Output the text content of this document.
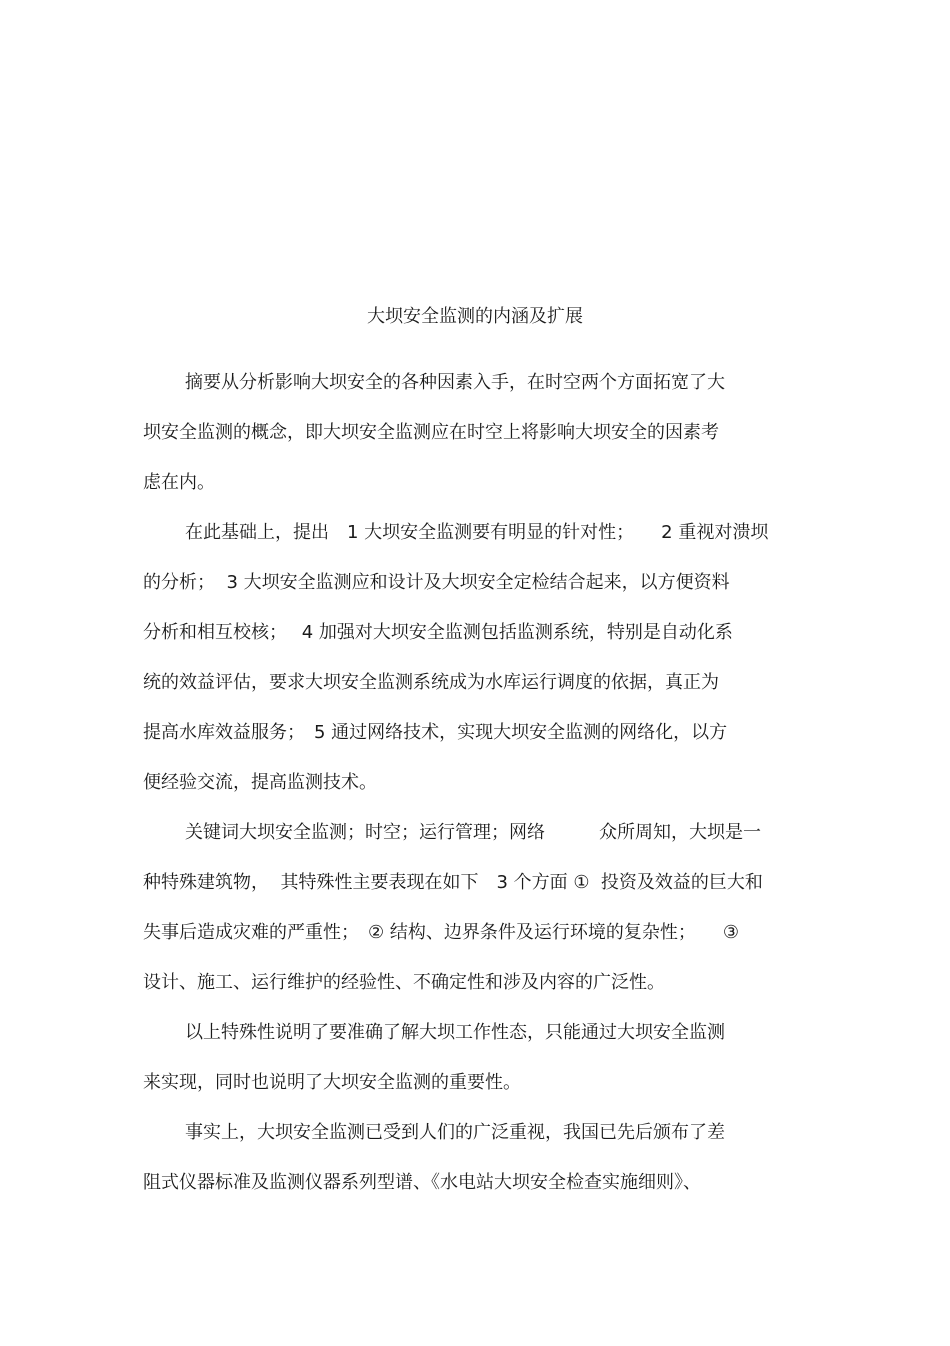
大坝安全监测的内涵及扩展
摘要从分析影响大坝安全的各种因素入手，在时空两个方面拓宽了大
坝安全监测的概念，即大坝安全监测应在时空上将影响大坝安全的因素考
虑在内。
在此基础上，提出　1 大坝安全监测要有明显的针对性；　　2 重视对溃坝
的分析；  3 大坝安全监测应和设计及大坝安全定检结合起来，以方便资料
分析和相互校核；　 4 加强对大坝安全监测包括监测系统，特别是自动化系
统的效益评估，要求大坝安全监测系统成为水库运行调度的依据，真正为
提高水库效益服务；　5 通过网络技术，实现大坝安全监测的网络化，以方
便经验交流，提高监测技术。
关键词大坝安全监测；时空；运行管理；网络　　　众所周知，大坝是一
种特殊建筑物，  其特殊性主要表现在如下　3 个方面 ①  投资及效益的巨大和
失事后造成灾难的严重性；　② 结构、边界条件及运行环境的复杂性；　　③
设计、施工、运行维护的经验性、不确定性和涉及内容的广泛性。
以上特殊性说明了要准确了解大坝工作性态，只能通过大坝安全监测
来实现，同时也说明了大坝安全监测的重要性。
事实上，大坝安全监测已受到人们的广泛重视，我国已先后颁布了差
阻式仪器标准及监测仪器系列型谱、《水电站大坝安全检查实施细则》、
